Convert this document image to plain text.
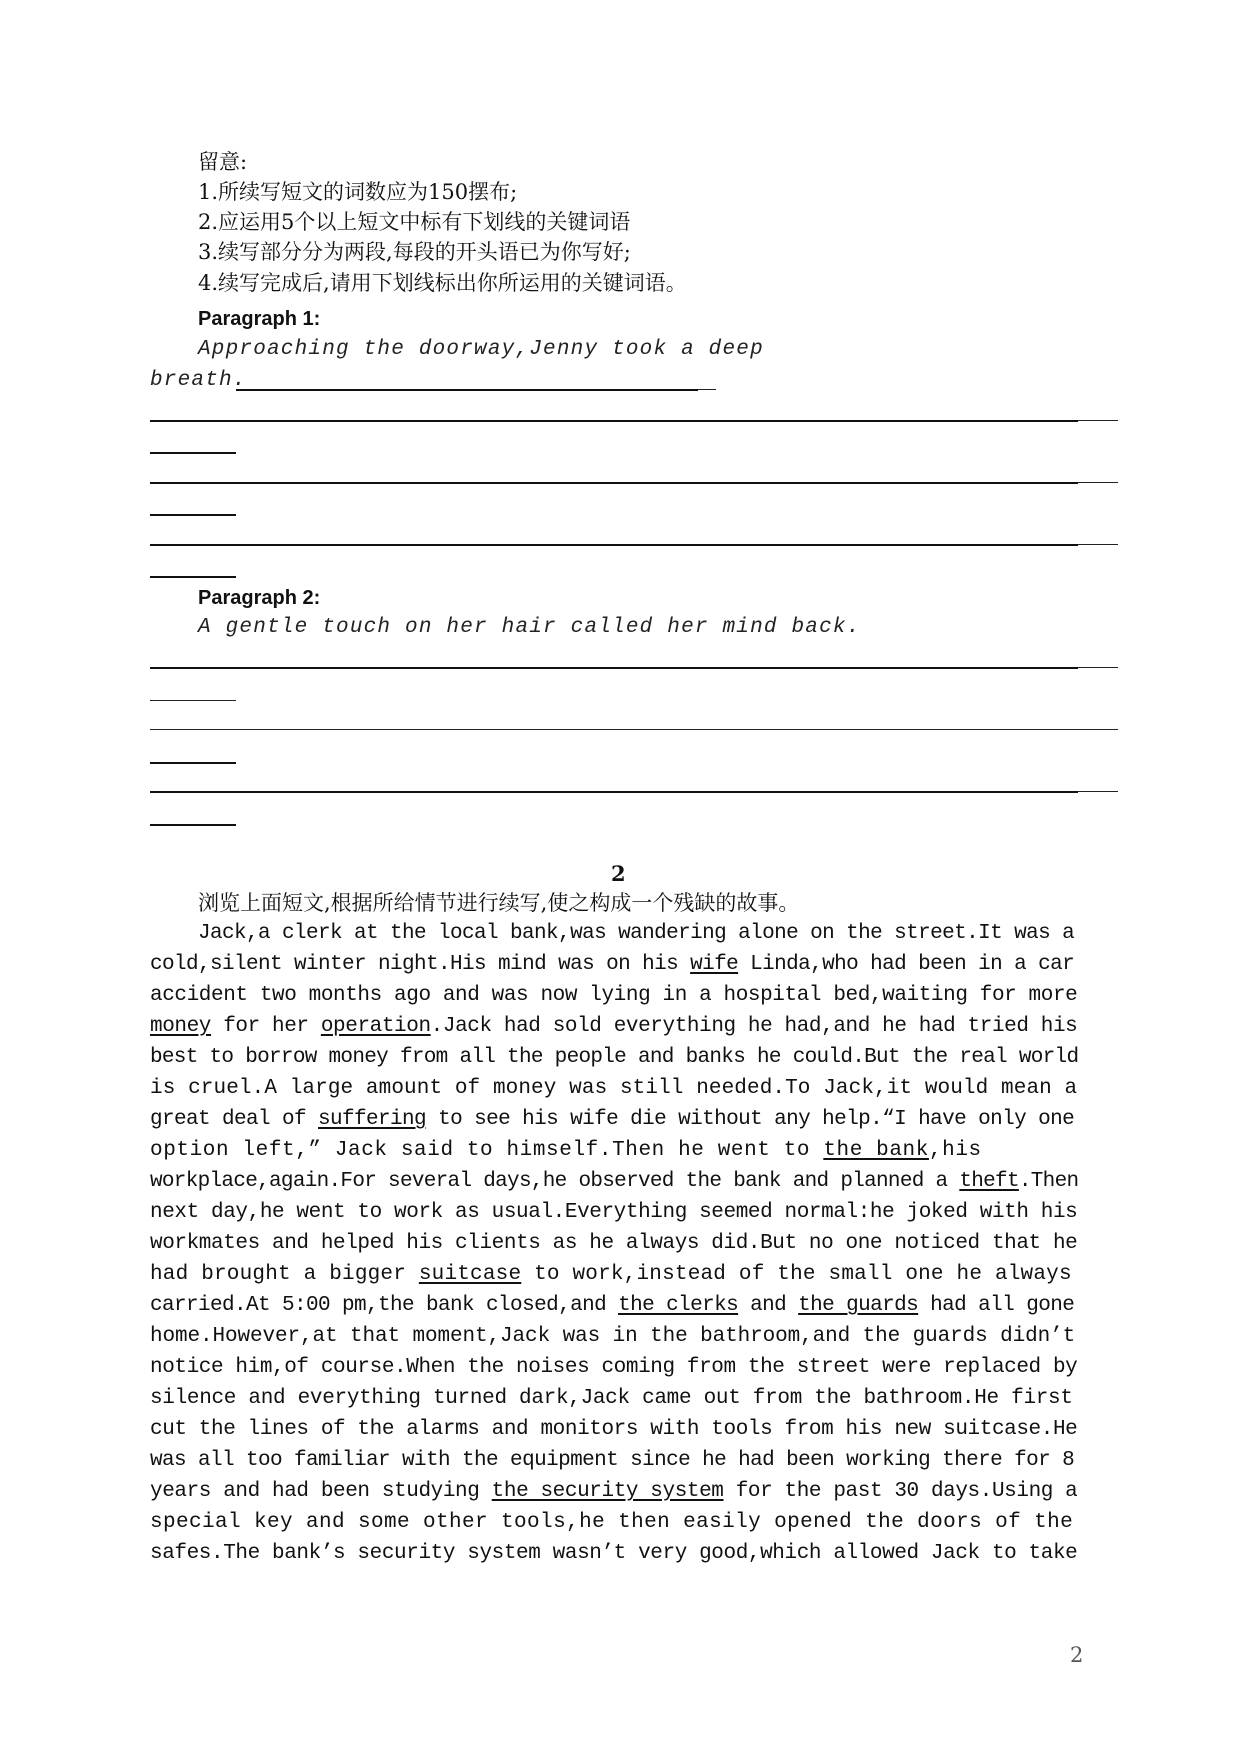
留意:
1.所续写短文的词数应为150摆布;
2.应运用5个以上短文中标有下划线的关键词语
3.续写部分分为两段,每段的开头语已为你写好;
4.续写完成后,请用下划线标出你所运用的关键词语。
Paragraph 1:
Approaching the doorway,Jenny took a deep
breath.
Paragraph 2:
A gentle touch on her hair called her mind back.
2
浏览上面短文,根据所给情节进行续写,使之构成一个残缺的故事。
Jack,a clerk at the local bank,was wandering alone on the street.It was a
cold,silent winter night.His mind was on his wife Linda,who had been in a car
accident two months ago and was now lying in a hospital bed,waiting for more
money for her operation.Jack had sold everything he had,and he had tried his
best to borrow money from all the people and banks he could.But the real world
is cruel.A large amount of money was still needed.To Jack,it would mean a
great deal of suffering to see his wife die without any help.“I have only one
option left,” Jack said to himself.Then he went to the bank,his
workplace,again.For several days,he observed the bank and planned a theft.Then
next day,he went to work as usual.Everything seemed normal:he joked with his
workmates and helped his clients as he always did.But no one noticed that he
had brought a bigger suitcase to work,instead of the small one he always
carried.At 5:00 pm,the bank closed,and the clerks and the guards had all gone
home.However,at that moment,Jack was in the bathroom,and the guards didn’t
notice him,of course.When the noises coming from the street were replaced by
silence and everything turned dark,Jack came out from the bathroom.He first
cut the lines of the alarms and monitors with tools from his new suitcase.He
was all too familiar with the equipment since he had been working there for 8
years and had been studying the security system for the past 30 days.Using a
special key and some other tools,he then easily opened the doors of the
safes.The bank’s security system wasn’t very good,which allowed Jack to take
2
